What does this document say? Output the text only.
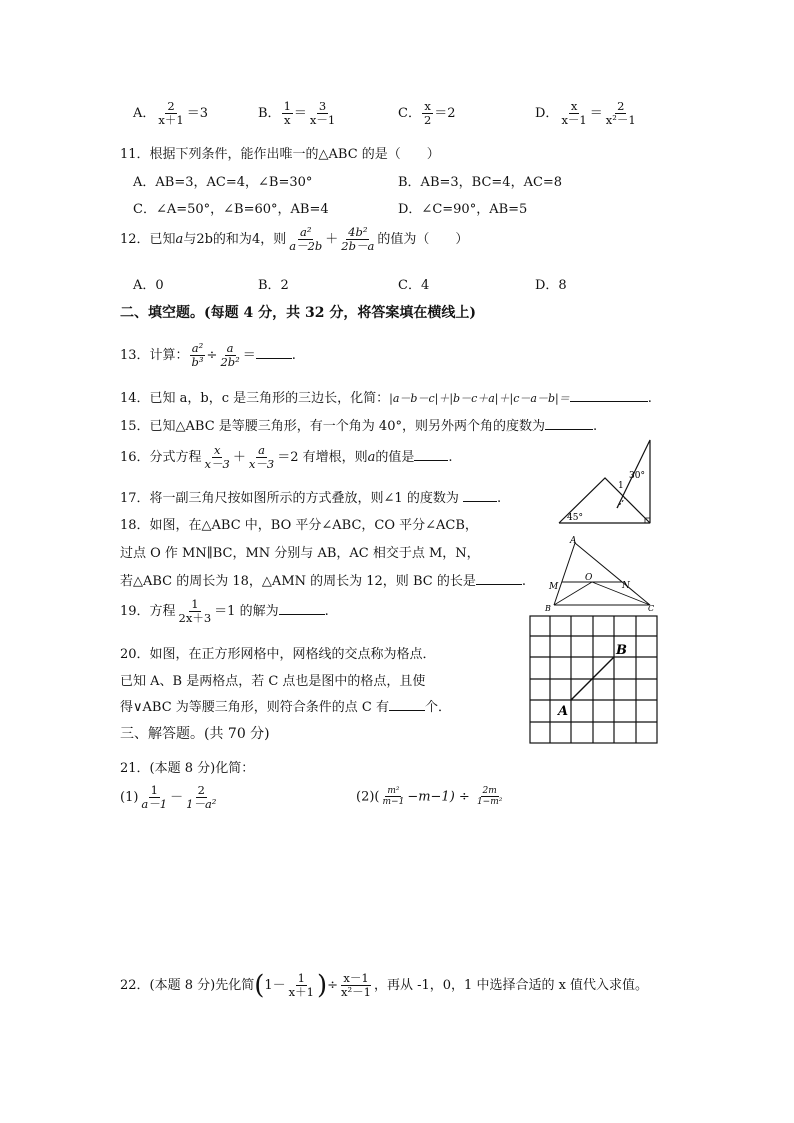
A． $\frac{2}{x+1} =3$	B． $\frac{1}{x} = \frac{3}{x-1}$	C． $\frac{x}{2} =2$	D． $\frac{x}{x-1} = \frac{2}{\text{x²－1}}$
11．根据下列条件，能作出唯一的△ABC 的是（　　）
A．AB=3，AC=4，∠B=30°	B．AB=3，BC=4，AC=8
C．∠A=50°，∠B=60°，AB=4	D．∠C=90°，AB=5
12．已知a与2b的和为4，则 $\frac{\text{a²}}{a-2b} + \frac{\text{4b²}}{2b-a}$ 的值为（　　）
A．0	B．2	C．4	D．8
二、填空题。(每题 4 分，共 32 分，将答案填在横线上)
13．计算： $\frac{\text{a²}}{\text{b³}} \div \frac{a}{\text{2b²}}$ ＝	.
14．已知 a，b，c 是三角形的三边长，化简：|a－b－c|＋|b－c＋a|＋|c－a－b|＝	.
15．已知△ABC 是等腰三角形，有一个角为 40°，则另外两个角的度数为	.
16．分式方程 $\frac{x}{x-3} + \frac{a}{x-3} =2$ 有增根，则a的值是	.
17．将一副三角尺按如图所示的方式叠放，则∠1 的度数为	.
30°
45°
1
18．如图，在△ABC 中，BO 平分∠ABC，CO 平分∠ACB，
过点 O 作 MN∥BC，MN 分别与 AB，AC 相交于点 M，N，
若△ABC 的周长为 18，△AMN 的周长为 12，则 BC 的长是	.
A
M
O
N
B	C
19．方程 $\frac{1}{2x+3} =1$ 的解为	.
20．如图，在正方形网格中，网格线的交点称为格点．
已知 A、B 是两格点，若 C 点也是图中的格点，且使
得∨ABC 为等腰三角形，则符合条件的点 C 有	个．	A
B
三、解答题。(共 70 分)
21．(本题 8 分)化简：
$(1) \frac{1}{a-1} - \frac{2}{\text{1－a²}}$	$(2)( \frac{\text{m²}}{m-1} -m-1) \div \frac{2m}{\text{1−m²}}$
22．(本题 8 分)先化简($1- \frac{1}{x+1}$ )÷ $\frac{x-1}{\text{x²－1}}$ ，再从 -1，0，1 中选择合适的 x 值代入求值。
